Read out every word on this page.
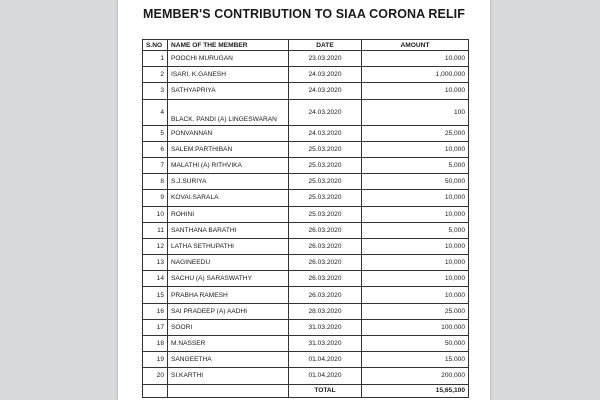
MEMBER'S CONTRIBUTION TO SIAA CORONA RELIF
S.NO	NAME OF THE MEMBER	DATE	AMOUNT
1	POOCHI MURUGAN	23.03.2020	10,000
2	ISARI. K.GANESH	24.03.2020	1,000,000
3	SATHYAPRIYA	24.03.2020	10,000
4	BLACK. PANDI (A) LINGESWARAN	24.03.2020	100
5	PONVANNAN	24.03.2020	25,000
6	SALEM.PARTHIBAN	25.03.2020	10,000
7	MALATHI (A) RITHVIKA	25.03.2020	5,000
8	S.J.SURIYA	25.03.2020	50,000
9	KOVAI.SARALA	25.03.2020	10,000
10	ROHINI	25.03.2020	10,000
11	SANTHANA BARATHI	26.03.2020	5,000
12	LATHA SETHUPATHI	26.03.2020	10,000
13	NAGINEEDU	26.03.2020	10,000
14	SACHU (A) SARASWATHY	26.03.2020	10,000
15	PRABHA RAMESH	26.03.2020	10,000
16	SAI PRADEEP (A) AADHI	28.03.2020	25,000
17	SOORI	31.03.2020	100,000
18	M.NASSER	31.03.2020	50,000
19	SANGEETHA	01.04.2020	15,000
20	SI.KARTHI	01.04.2020	200,000
		TOTAL	15,65,100
